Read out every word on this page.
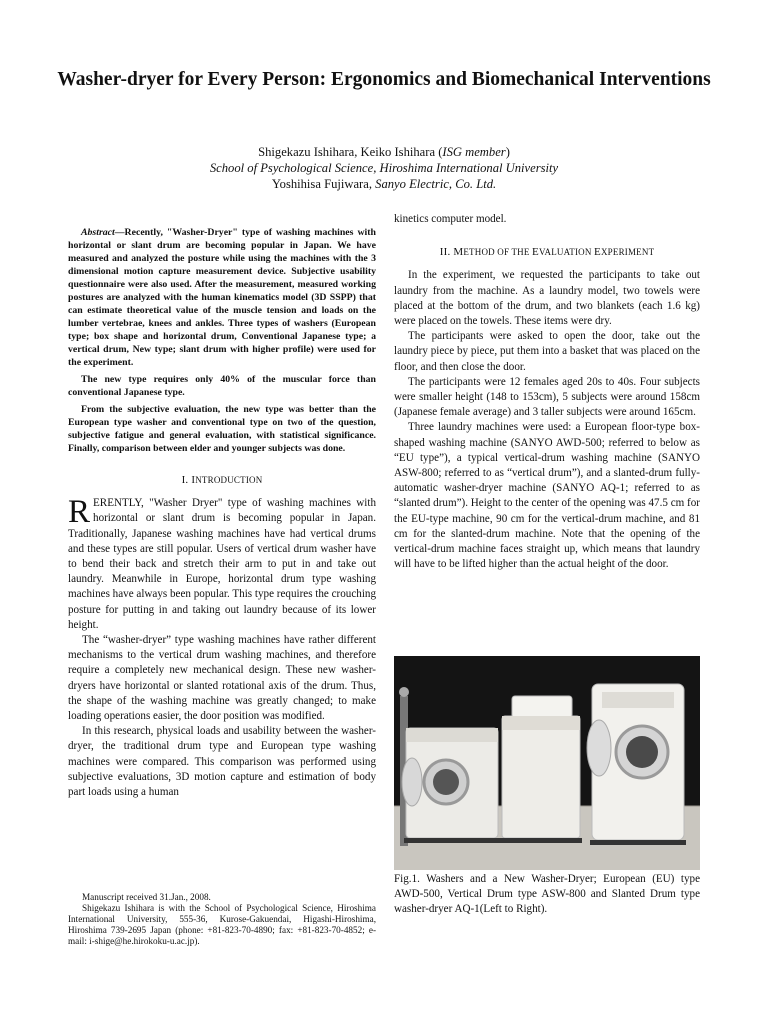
Washer-dryer for Every Person: Ergonomics and Biomechanical Interventions
Shigekazu Ishihara, Keiko Ishihara (ISG member)
School of Psychological Science, Hiroshima International University
Yoshihisa Fujiwara, Sanyo Electric, Co. Ltd.

Abstract—Recently, "Washer-Dryer" type of washing machines with horizontal or slant drum are becoming popular in Japan. We have measured and analyzed the posture while using the machines with the 3 dimensional motion capture measurement device. Subjective usability questionnaire were also used. After the measurement, measured working postures are analyzed with the human kinematics model (3D SSPP) that can estimate theoretical value of the muscle tension and loads on the lumber vertebrae, knees and ankles. Three types of washers (European type; box shape and horizontal drum, Conventional Japanese type; a vertical drum, New type; slant drum with higher profile) were used for the experiment.

The new type requires only 40% of the muscular force than conventional Japanese type.

From the subjective evaluation, the new type was better than the European type washer and conventional type on two of the question, subjective fatigue and general evaluation, with statistical significance. Finally, comparison between elder and younger subjects was done.

I. INTRODUCTION

RERENTLY, "Washer Dryer" type of washing machines with horizontal or slant drum is becoming popular in Japan. Traditionally, Japanese washing machines have had vertical drums and these types are still popular. Users of vertical drum washer have to bend their back and stretch their arm to put in and take out laundry. Meanwhile in Europe, horizontal drum type washing machines have always been popular. This type requires the crouching posture for putting in and taking out laundry because of its lower height.

The “washer-dryer” type washing machines have rather different mechanisms to the vertical drum washing machines, and therefore require a completely new mechanical design. These new washer-dryers have horizontal or slanted rotational axis of the drum. Thus, the shape of the washing machine was greatly changed; to make loading operations easier, the door position was modified.

In this research, physical loads and usability between the washer-dryer, the traditional drum type and European type washing machines were compared. This comparison was performed using subjective evaluations, 3D motion capture and estimation of body part loads using a human

Manuscript received 31.Jan., 2008.

Shigekazu Ishihara is with the School of Psychological Science, Hiroshima International University, 555-36, Kurose-Gakuendai, Higashi-Hiroshima, Hiroshima 739-2695 Japan (phone: +81-823-70-4890; fax: +81-823-70-4852; e-mail: i-shige@he.hirokoku-u.ac.jp).

kinetics computer model.

II. METHOD OF THE EVALUATION EXPERIMENT

In the experiment, we requested the participants to take out laundry from the machine. As a laundry model, two towels were placed at the bottom of the drum, and two blankets (each 1.6 kg) were placed on the towels. These items were dry.

The participants were asked to open the door, take out the laundry piece by piece, put them into a basket that was placed on the floor, and then close the door.

The participants were 12 females aged 20s to 40s. Four subjects were smaller height (148 to 153cm), 5 subjects were around 158cm (Japanese female average) and 3 taller subjects were around 165cm.

Three laundry machines were used: a European floor-type box-shaped washing machine (SANYO AWD-500; referred to below as “EU type”), a typical vertical-drum washing machine (SANYO ASW-800; referred to as “vertical drum”), and a slanted-drum fully-automatic washer-dryer machine (SANYO AQ-1; referred to as “slanted drum”). Height to the center of the opening was 47.5 cm for the EU-type machine, 90 cm for the vertical-drum machine, and 81 cm for the slanted-drum machine. Note that the opening of the vertical-drum machine faces straight up, which means that laundry will have to be lifted higher than the actual height of the door.

Fig.1. Washers and a New Washer-Dryer; European (EU) type AWD-500, Vertical Drum type ASW-800 and Slanted Drum type washer-dryer AQ-1(Left to Right).
